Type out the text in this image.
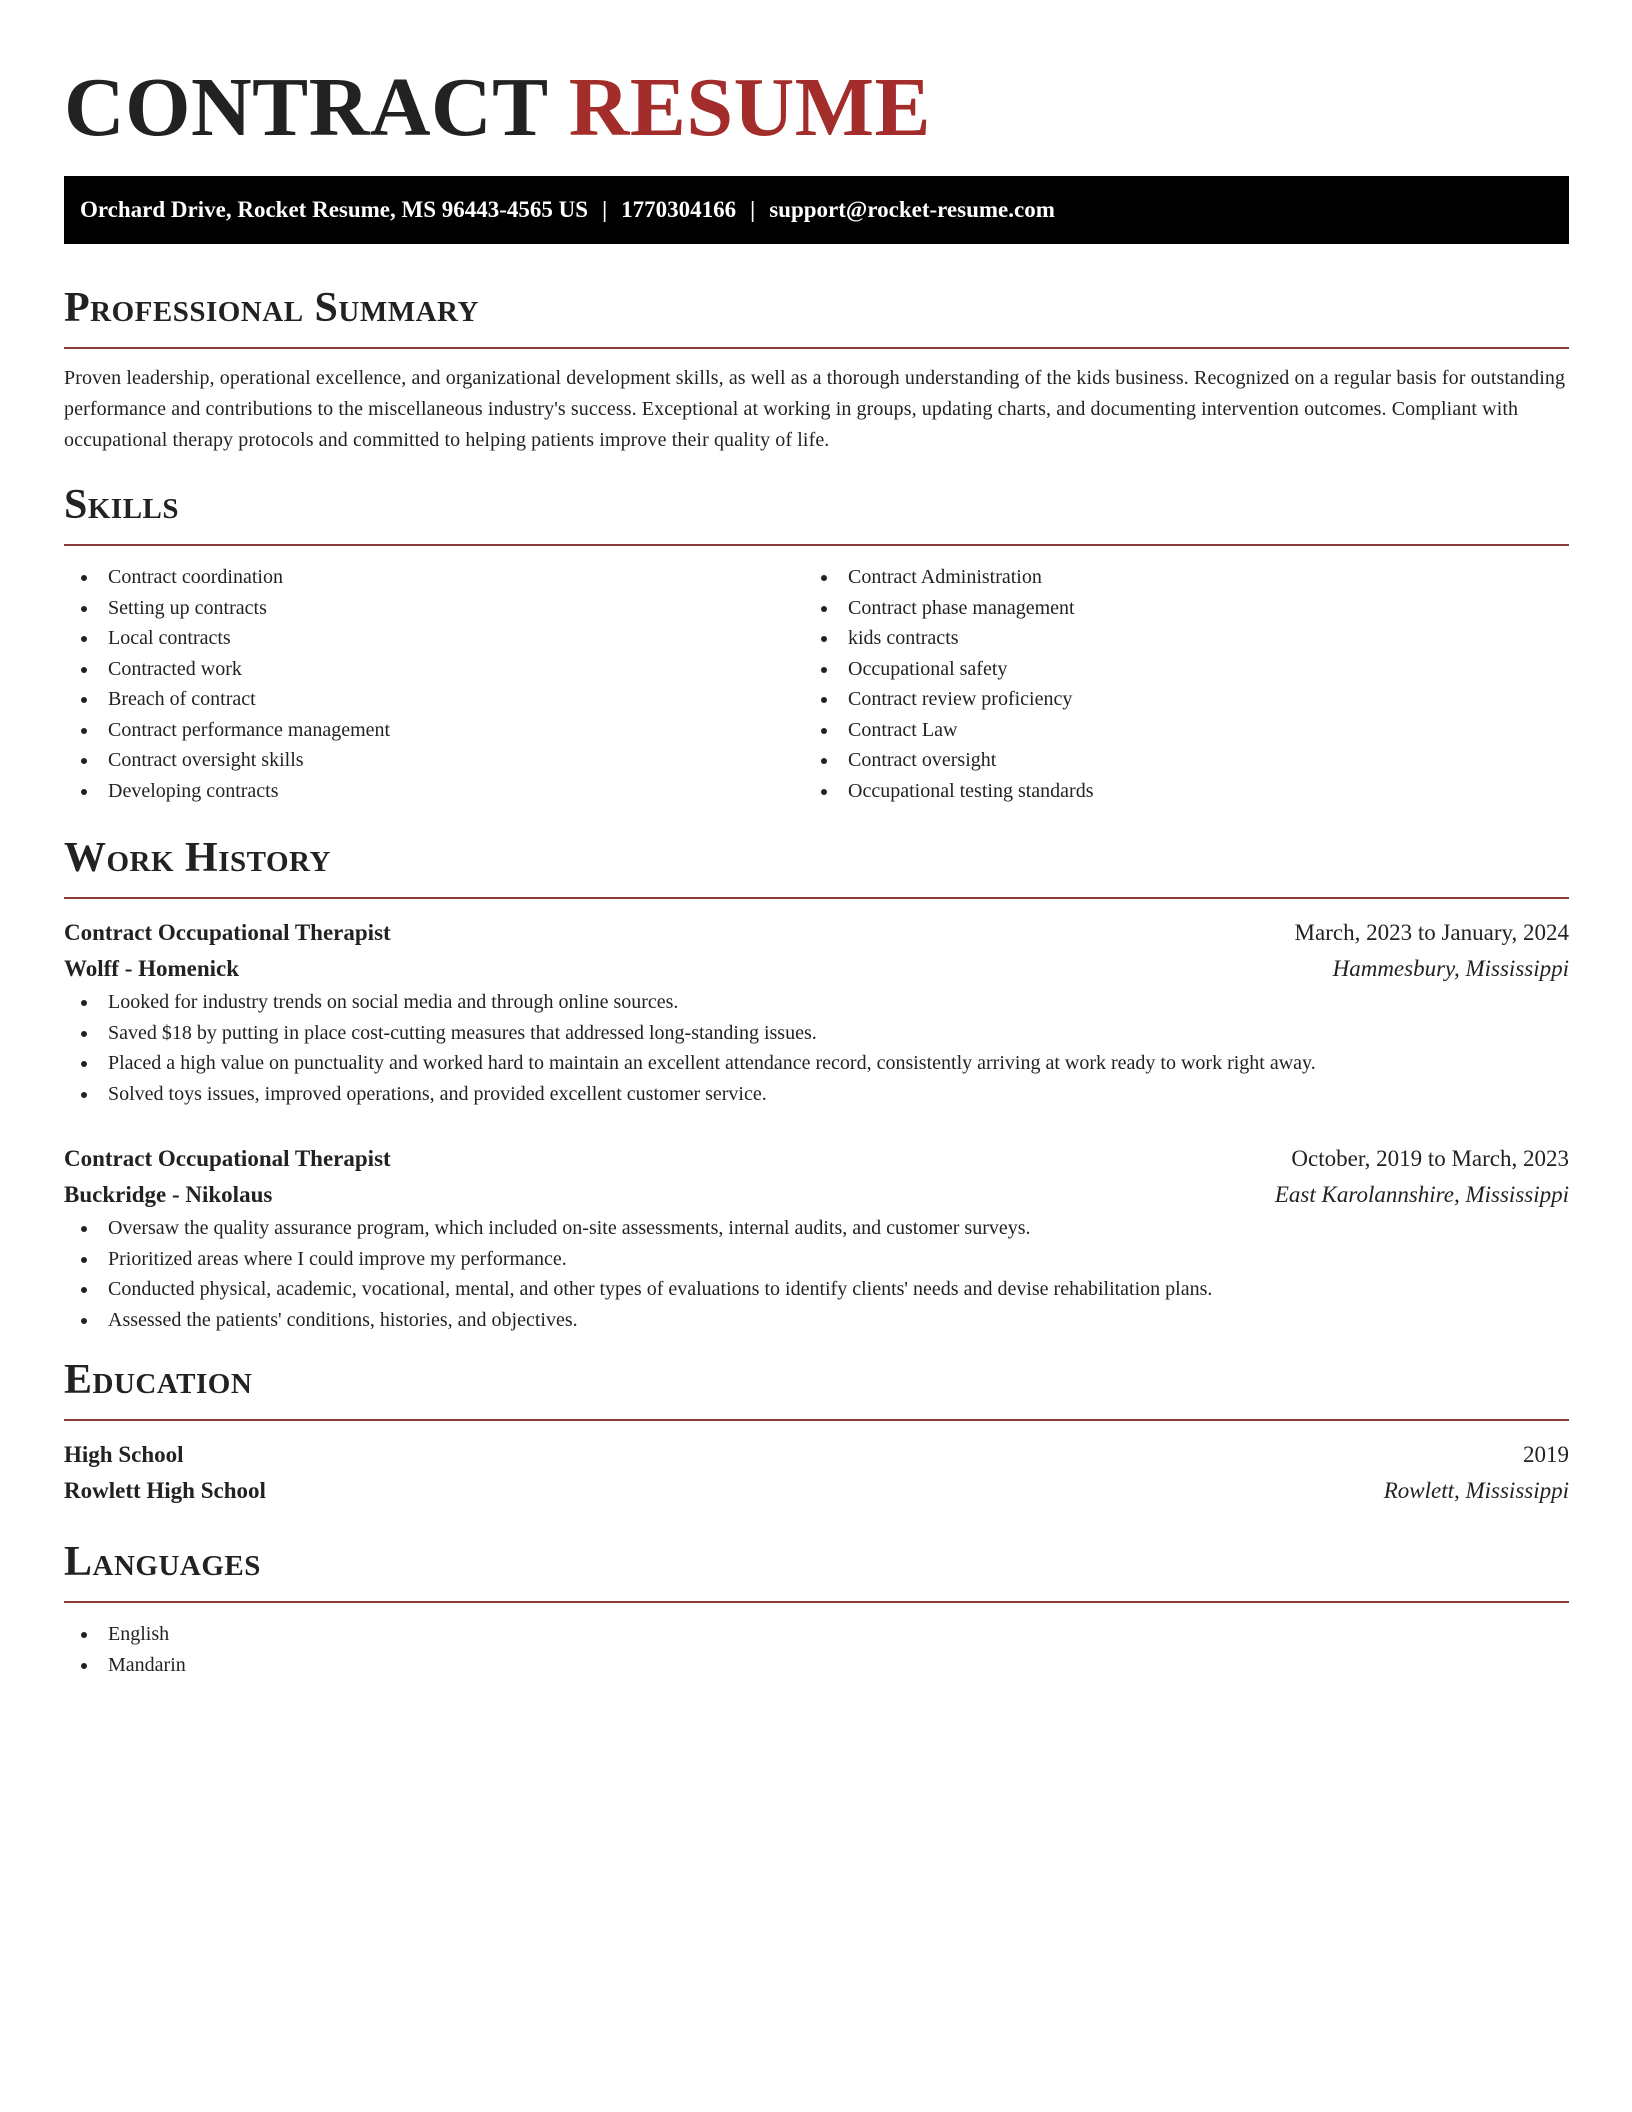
CONTRACT RESUME
Orchard Drive, Rocket Resume, MS 96443-4565 US | 1770304166 | support@rocket-resume.com
Professional Summary

Proven leadership, operational excellence, and organizational development skills, as well as a thorough understanding of the kids business. Recognized on a regular basis for outstanding performance and contributions to the miscellaneous industry's success. Exceptional at working in groups, updating charts, and documenting intervention outcomes. Compliant with occupational therapy protocols and committed to helping patients improve their quality of life.

Skills
Contract coordination
Setting up contracts
Local contracts
Contracted work
Breach of contract
Contract performance management
Contract oversight skills
Developing contracts
Contract Administration
Contract phase management
kids contracts
Occupational safety
Contract review proficiency
Contract Law
Contract oversight
Occupational testing standards
Work History
Contract Occupational Therapist	March, 2023 to January, 2024
Wolff - Homenick	Hammesbury, Mississippi
Looked for industry trends on social media and through online sources.
Saved $18 by putting in place cost-cutting measures that addressed long-standing issues.
Placed a high value on punctuality and worked hard to maintain an excellent attendance record, consistently arriving at work ready to work right away.
Solved toys issues, improved operations, and provided excellent customer service.
Contract Occupational Therapist	October, 2019 to March, 2023
Buckridge - Nikolaus	East Karolannshire, Mississippi
Oversaw the quality assurance program, which included on-site assessments, internal audits, and customer surveys.
Prioritized areas where I could improve my performance.
Conducted physical, academic, vocational, mental, and other types of evaluations to identify clients' needs and devise rehabilitation plans.
Assessed the patients' conditions, histories, and objectives.
Education
High School	2019
Rowlett High School	Rowlett, Mississippi
Languages
English
Mandarin
